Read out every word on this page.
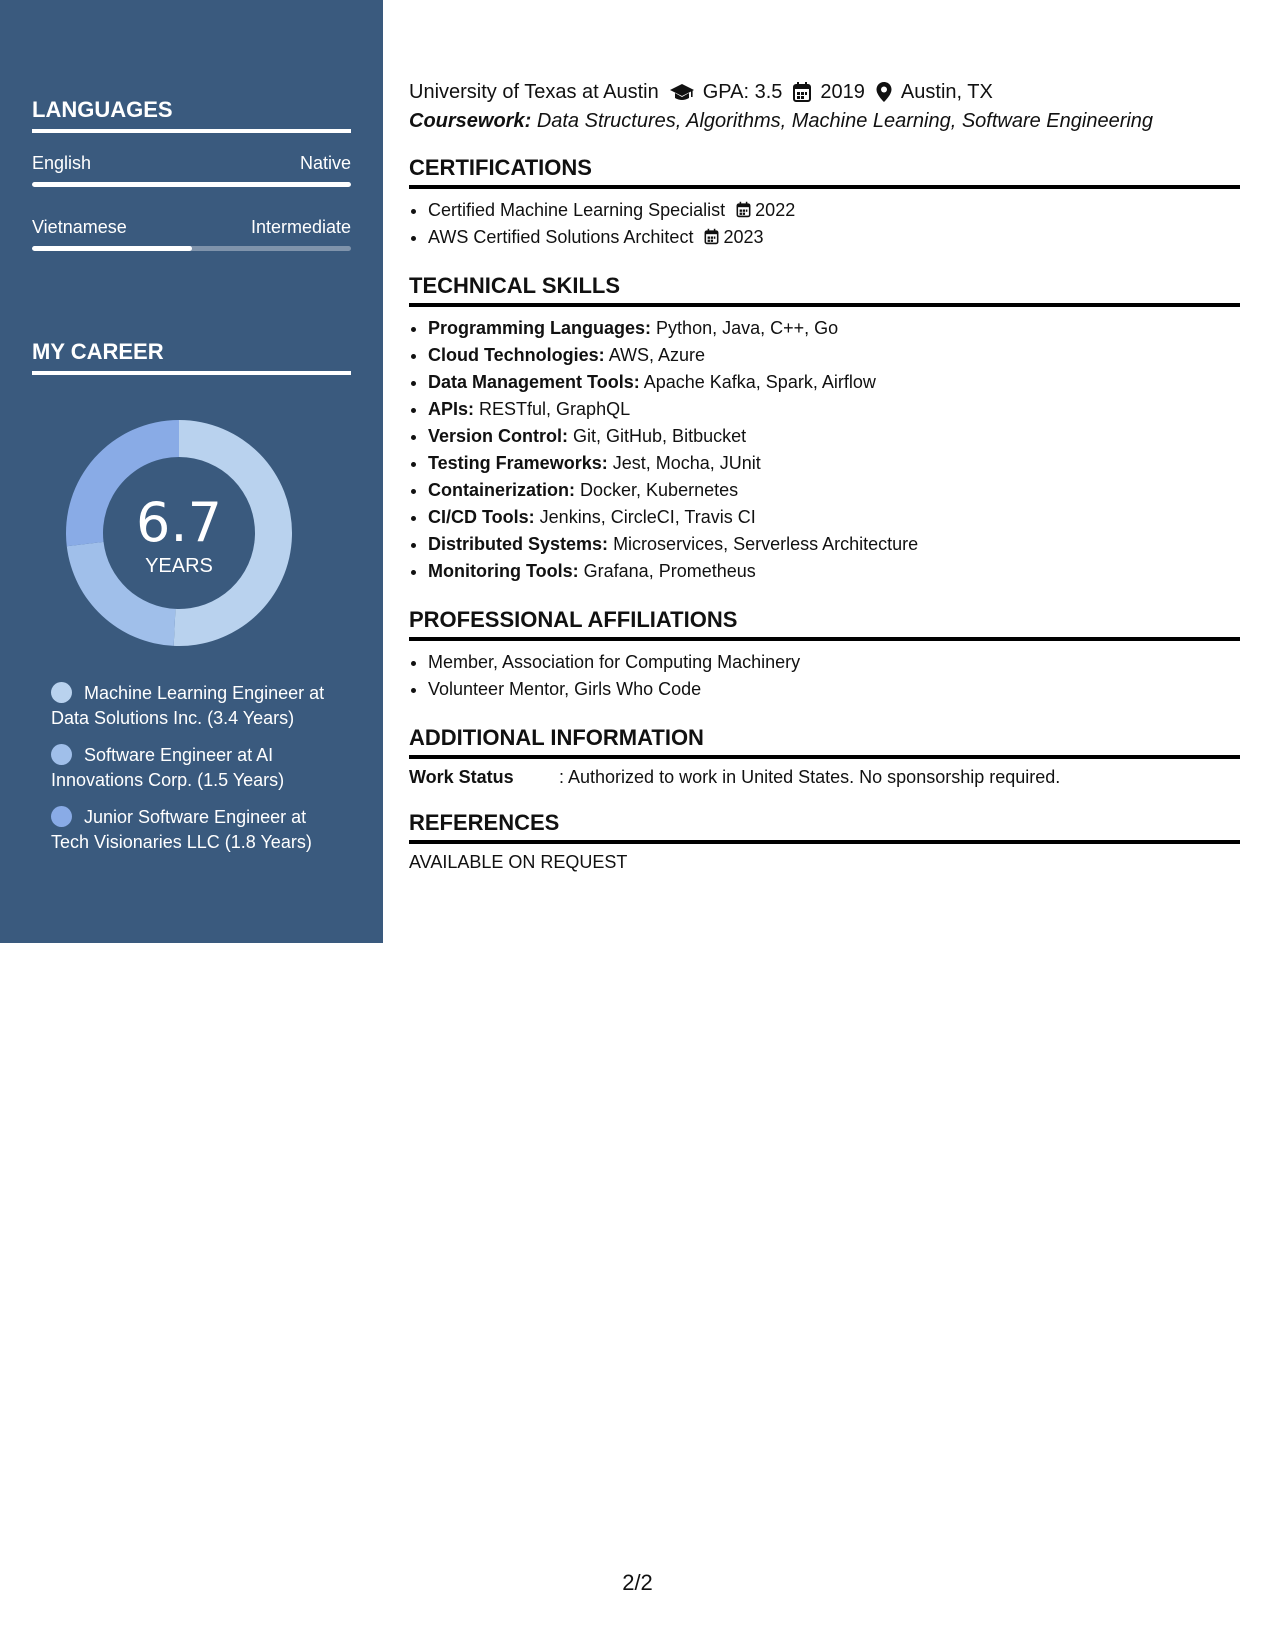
LANGUAGES
English	Native
Vietnamese	Intermediate
MY CAREER
6.7
YEARS
Machine Learning Engineer at Data Solutions Inc. (3.4 Years)
Software Engineer at AI Innovations Corp. (1.5 Years)
Junior Software Engineer at Tech Visionaries LLC (1.8 Years)
University of Texas at Austin GPA: 3.5 2019 Austin, TX
Coursework: Data Structures, Algorithms, Machine Learning, Software Engineering
CERTIFICATIONS
• Certified Machine Learning Specialist 2022
• AWS Certified Solutions Architect 2023
TECHNICAL SKILLS
• Programming Languages: Python, Java, C++, Go
• Cloud Technologies: AWS, Azure
• Data Management Tools: Apache Kafka, Spark, Airflow
• APIs: RESTful, GraphQL
• Version Control: Git, GitHub, Bitbucket
• Testing Frameworks: Jest, Mocha, JUnit
• Containerization: Docker, Kubernetes
• CI/CD Tools: Jenkins, CircleCI, Travis CI
• Distributed Systems: Microservices, Serverless Architecture
• Monitoring Tools: Grafana, Prometheus
PROFESSIONAL AFFILIATIONS
• Member, Association for Computing Machinery
• Volunteer Mentor, Girls Who Code
ADDITIONAL INFORMATION
Work Status	: Authorized to work in United States. No sponsorship required.
REFERENCES
AVAILABLE ON REQUEST
2/2
